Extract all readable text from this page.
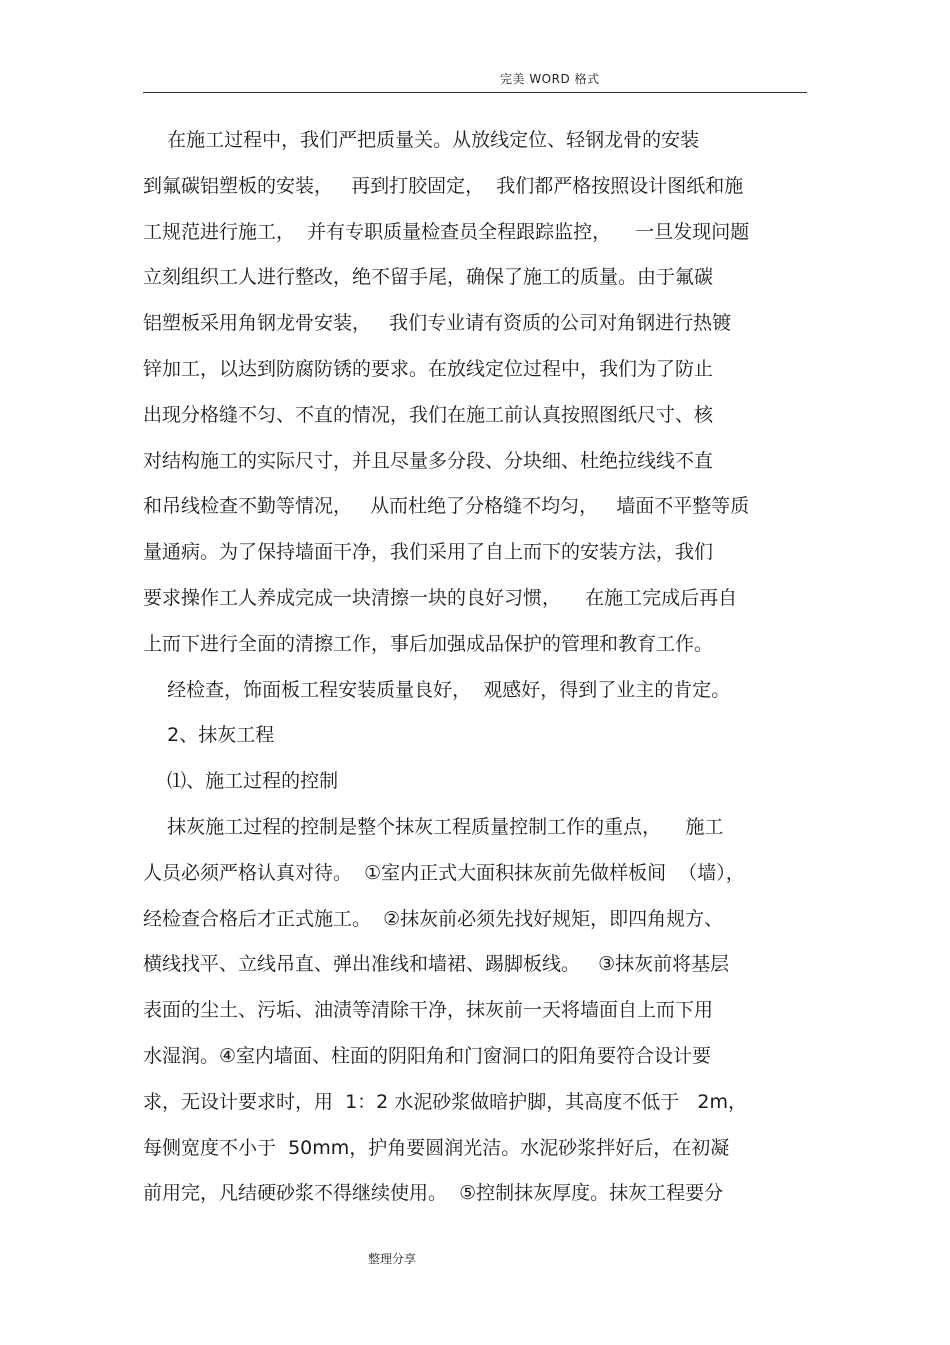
完美 WORD 格式
在施工过程中，我们严把质量关。从放线定位、轻钢龙骨的安装
到氟碳铝塑板的安装，   再到打胶固定，  我们都严格按照设计图纸和施
工规范进行施工，  并有专职质量检查员全程跟踪监控，    一旦发现问题
立刻组织工人进行整改，绝不留手尾，确保了施工的质量。由于氟碳
铝塑板采用角钢龙骨安装，   我们专业请有资质的公司对角钢进行热镀
锌加工，以达到防腐防锈的要求。在放线定位过程中，我们为了防止
出现分格缝不匀、不直的情况，我们在施工前认真按照图纸尺寸、核
对结构施工的实际尺寸，并且尽量多分段、分块细、杜绝拉线线不直
和吊线检查不勤等情况，   从而杜绝了分格缝不均匀，   墙面不平整等质
量通病。为了保持墙面干净，我们采用了自上而下的安装方法，我们
要求操作工人养成完成一块清擦一块的良好习惯，    在施工完成后再自
上而下进行全面的清擦工作，事后加强成品保护的管理和教育工作。
经检查，饰面板工程安装质量良好，  观感好，得到了业主的肯定。
2、抹灰工程
⑴、施工过程的控制
抹灰施工过程的控制是整个抹灰工程质量控制工作的重点，    施工
人员必须严格认真对待。  ①室内正式大面积抹灰前先做样板间  （墙），
经检查合格后才正式施工。  ②抹灰前必须先找好规矩，即四角规方、
横线找平、立线吊直、弹出准线和墙裙、踢脚板线。   ③抹灰前将基层
表面的尘土、污垢、油渍等清除干净，抹灰前一天将墙面自上而下用
水湿润。④室内墙面、柱面的阴阳角和门窗洞口的阳角要符合设计要
求，无设计要求时，用  1：2 水泥砂浆做暗护脚，其高度不低于   2m，
每侧宽度不小于  50mm，护角要圆润光洁。水泥砂浆拌好后，在初凝
前用完，凡结硬砂浆不得继续使用。  ⑤控制抹灰厚度。抹灰工程要分
整理分享
